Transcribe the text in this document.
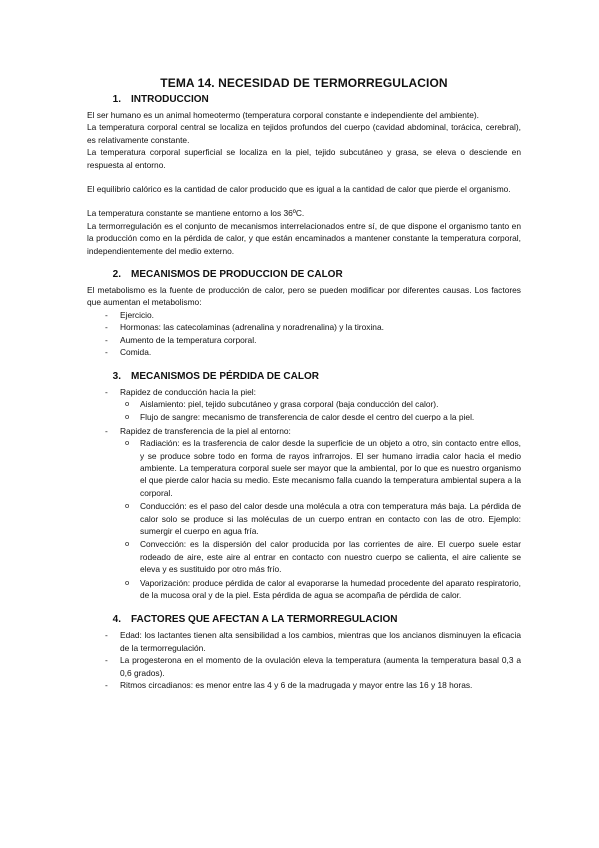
TEMA 14. NECESIDAD DE TERMORREGULACION
1. INTRODUCCION

El ser humano es un animal homeotermo (temperatura corporal constante e independiente del ambiente).

La temperatura corporal central se localiza en tejidos profundos del cuerpo (cavidad abdominal, torácica, cerebral), es relativamente constante.

La temperatura corporal superficial se localiza en la piel, tejido subcutáneo y grasa, se eleva o desciende en respuesta al entorno.

El equilibrio calórico es la cantidad de calor producido que es igual a la cantidad de calor que pierde el organismo.

La temperatura constante se mantiene entorno a los 36ºC.

La termorregulación es el conjunto de mecanismos interrelacionados entre sí, de que dispone el organismo tanto en la producción como en la pérdida de calor, y que están encaminados a mantener constante la temperatura corporal, independientemente del medio externo.

2. MECANISMOS DE PRODUCCION DE CALOR

El metabolismo es la fuente de producción de calor, pero se pueden modificar por diferentes causas. Los factores que aumentan el metabolismo:

- Ejercicio.
- Hormonas: las catecolaminas (adrenalina y noradrenalina) y la tiroxina.
- Aumento de la temperatura corporal.
- Comida.
3. MECANISMOS DE PÉRDIDA DE CALOR
- Rapidez de conducción hacia la piel:
o Aislamiento: piel, tejido subcutáneo y grasa corporal (baja conducción del calor).
o Flujo de sangre: mecanismo de transferencia de calor desde el centro del cuerpo a la piel.
- Rapidez de transferencia de la piel al entorno:
o Radiación: es la trasferencia de calor desde la superficie de un objeto a otro, sin contacto entre ellos, y se produce sobre todo en forma de rayos infrarrojos. El ser humano irradia calor hacia el medio ambiente. La temperatura corporal suele ser mayor que la ambiental, por lo que es nuestro organismo el que pierde calor hacia su medio. Este mecanismo falla cuando la temperatura ambiental supera a la corporal.
o Conducción: es el paso del calor desde una molécula a otra con temperatura más baja. La pérdida de calor solo se produce si las moléculas de un cuerpo entran en contacto con las de otro. Ejemplo: sumergir el cuerpo en agua fría.
o Convección: es la dispersión del calor producida por las corrientes de aire. El cuerpo suele estar rodeado de aire, este aire al entrar en contacto con nuestro cuerpo se calienta, el aire caliente se eleva y es sustituido por otro más frío.
o Vaporización: produce pérdida de calor al evaporarse la humedad procedente del aparato respiratorio, de la mucosa oral y de la piel. Esta pérdida de agua se acompaña de pérdida de calor.
4. FACTORES QUE AFECTAN A LA TERMORREGULACION
- Edad: los lactantes tienen alta sensibilidad a los cambios, mientras que los ancianos disminuyen la eficacia de la termorregulación.
- La progesterona en el momento de la ovulación eleva la temperatura (aumenta la temperatura basal 0,3 a 0,6 grados).
- Ritmos circadianos: es menor entre las 4 y 6 de la madrugada y mayor entre las 16 y 18 horas.
